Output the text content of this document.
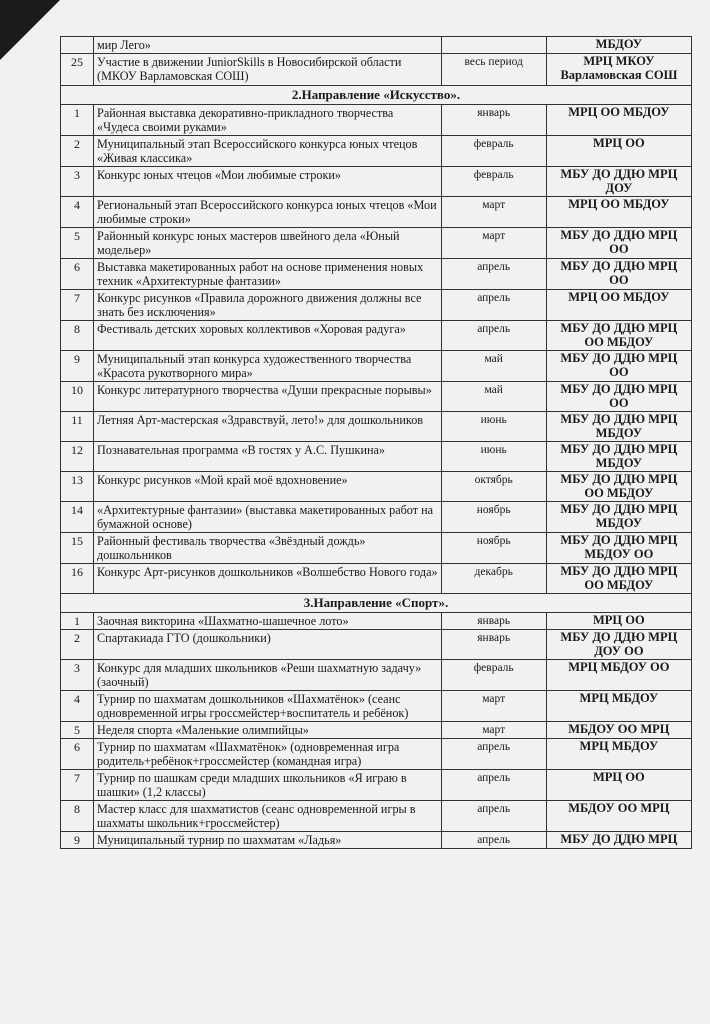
	мир Лего»		МБДОУ
25	Участие в движении JuniorSkills в Новосибирской области (МКОУ Варламовская СОШ)	весь период	МРЦ МКОУ Варламовская СОШ
2.Направление «Искусство».			
1	Районная выставка декоративно-прикладного творчества «Чудеса своими руками»	январь	МРЦ ОО МБДОУ
2	Муниципальный этап Всероссийского конкурса юных чтецов «Живая классика»	февраль	МРЦ ОО
3	Конкурс юных чтецов «Мои любимые строки»	февраль	МБУ ДО ДДЮ МРЦ ДОУ
4	Региональный этап Всероссийского конкурса юных чтецов «Мои любимые строки»	март	МРЦ ОО МБДОУ
5	Районный конкурс юных мастеров швейного дела «Юный модельер»	март	МБУ ДО ДДЮ МРЦ ОО
6	Выставка макетированных работ на основе применения новых техник «Архитектурные фантазии»	апрель	МБУ ДО ДДЮ МРЦ ОО
7	Конкурс рисунков «Правила дорожного движения должны все знать без исключения»	апрель	МРЦ ОО МБДОУ
8	Фестиваль детских хоровых коллективов «Хоровая радуга»	апрель	МБУ ДО ДДЮ МРЦ ОО МБДОУ
9	Муниципальный этап конкурса художественного творчества «Красота рукотворного мира»	май	МБУ ДО ДДЮ МРЦ ОО
10	Конкурс литературного творчества «Души прекрасные порывы»	май	МБУ ДО ДДЮ МРЦ ОО
11	Летняя Арт-мастерская «Здравствуй, лето!» для дошкольников	июнь	МБУ ДО ДДЮ МРЦ МБДОУ
12	Познавательная программа «В гостях у А.С. Пушкина»	июнь	МБУ ДО ДДЮ МРЦ МБДОУ
13	Конкурс рисунков «Мой край моё вдохновение»	октябрь	МБУ ДО ДДЮ МРЦ ОО МБДОУ
14	«Архитектурные фантазии» (выставка макетированных работ на бумажной основе)	ноябрь	МБУ ДО ДДЮ МРЦ МБДОУ
15	Районный фестиваль творчества «Звёздный дождь» дошкольников	ноябрь	МБУ ДО ДДЮ МРЦ МБДОУ ОО
16	Конкурс Арт-рисунков дошкольников «Волшебство Нового года»	декабрь	МБУ ДО ДДЮ МРЦ ОО МБДОУ
3.Направление «Спорт».			
1	Заочная викторина «Шахматно-шашечное лото»	январь	МРЦ ОО
2	Спартакиада ГТО (дошкольники)	январь	МБУ ДО ДДЮ МРЦ ДОУ ОО
3	Конкурс для младших школьников «Реши шахматную задачу» (заочный)	февраль	МРЦ МБДОУ ОО
4	Турнир по шахматам дошкольников «Шахматёнок» (сеанс одновременной игры гроссмейстер+воспитатель и ребёнок)	март	МРЦ МБДОУ
5	Неделя спорта «Маленькие олимпийцы»	март	МБДОУ ОО МРЦ
6	Турнир по шахматам «Шахматёнок» (одновременная игра родитель+ребёнок+гроссмейстер (командная игра)	апрель	МРЦ МБДОУ
7	Турнир по шашкам среди младших школьников «Я играю в шашки» (1,2 классы)	апрель	МРЦ ОО
8	Мастер класс для шахматистов (сеанс одновременной игры в шахматы школьник+гроссмейстер)	апрель	МБДОУ ОО МРЦ
9	Муниципальный турнир по шахматам «Ладья»	апрель	МБУ ДО ДДЮ МРЦ
